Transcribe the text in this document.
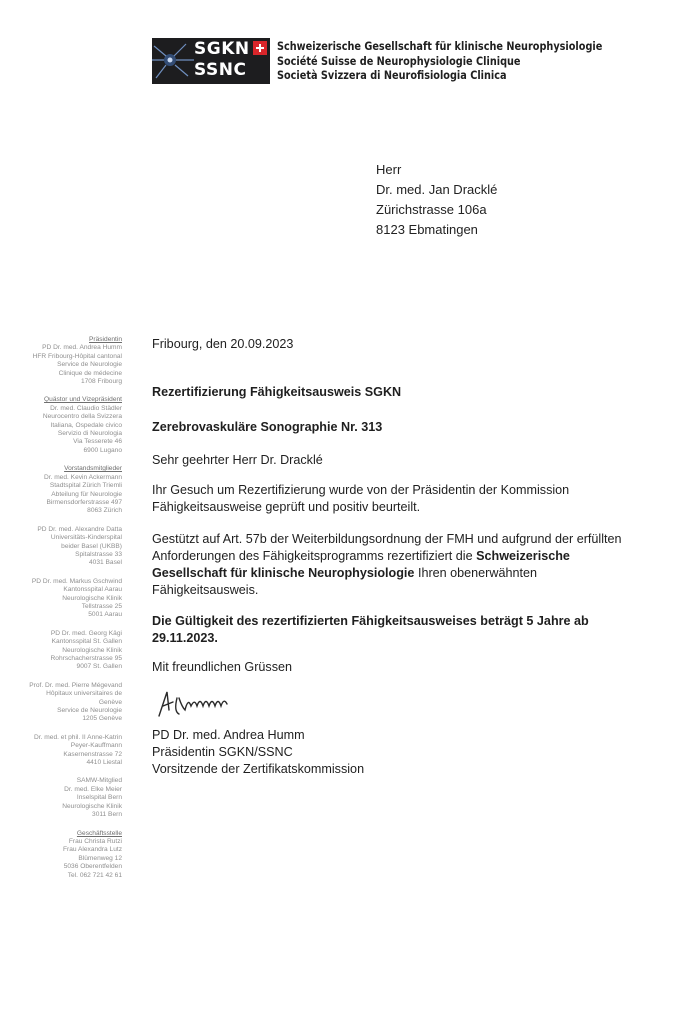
SGKN
SSNC
Schweizerische Gesellschaft für klinische Neurophysiologie
Société Suisse de Neurophysiologie Clinique
Società Svizzera di Neurofisiologia Clinica
Herr
Dr. med. Jan Dracklé
Zürichstrasse 106a
8123 Ebmatingen
Präsidentin
PD Dr. med. Andrea Humm
HFR Fribourg-Hôpital cantonal
Service de Neurologie
Clinique de médecine
1708 Fribourg
Quästor und Vizepräsident
Dr. med. Claudio Städler
Neurocentro della Svizzera
Italiana, Ospedale civico
Servizio di Neurologia
Via Tesserete 46
6900 Lugano
Vorstandsmitglieder
Dr. med. Kevin Ackermann
Stadtspital Zürich Triemli
Abteilung für Neurologie
Birmensdorferstrasse 497
8063 Zürich
PD Dr. med. Alexandre Datta
Universitäts-Kinderspital
beider Basel (UKBB)
Spitalstrasse 33
4031 Basel
PD Dr. med. Markus Gschwind
Kantonsspital Aarau
Neurologische Klinik
Tellstrasse 25
5001 Aarau
PD Dr. med. Georg Kägi
Kantonsspital St. Gallen
Neurologische Klinik
Rohrschacherstrasse 95
9007 St. Gallen
Prof. Dr. med. Pierre Mégevand
Hôpitaux universitaires de
Genève
Service de Neurologie
1205 Genève
Dr. med. et phil. II Anne-Katrin
Peyer-Kauffmann
Kasernenstrasse 72
4410 Liestal
SAMW-Mitglied
Dr. med. Elke Meier
Inselspital Bern
Neurologische Klinik
3011 Bern
Geschäftsstelle
Frau Christa Rutzi
Frau Alexandra Lutz
Blümenweg 12
5036 Oberentfelden
Tel. 062 721 42 61
Fribourg, den 20.09.2023
Rezertifizierung Fähigkeitsausweis SGKN
Zerebrovaskuläre Sonographie Nr. 313
Sehr geehrter Herr Dr. Dracklé
Ihr Gesuch um Rezertifizierung wurde von der Präsidentin der Kommission Fähigkeitsausweise geprüft und positiv beurteilt.
Gestützt auf Art. 57b der Weiterbildungsordnung der FMH und aufgrund der erfüllten Anforderungen des Fähigkeitsprogramms rezertifiziert die Schweizerische Gesellschaft für klinische Neurophysiologie Ihren obenerwähnten Fähigkeitsausweis.
Die Gültigkeit des rezertifizierten Fähigkeitsausweises beträgt 5 Jahre ab 29.11.2023.
Mit freundlichen Grüssen
PD Dr. med. Andrea Humm
Präsidentin SGKN/SSNC
Vorsitzende der Zertifikatskommission
